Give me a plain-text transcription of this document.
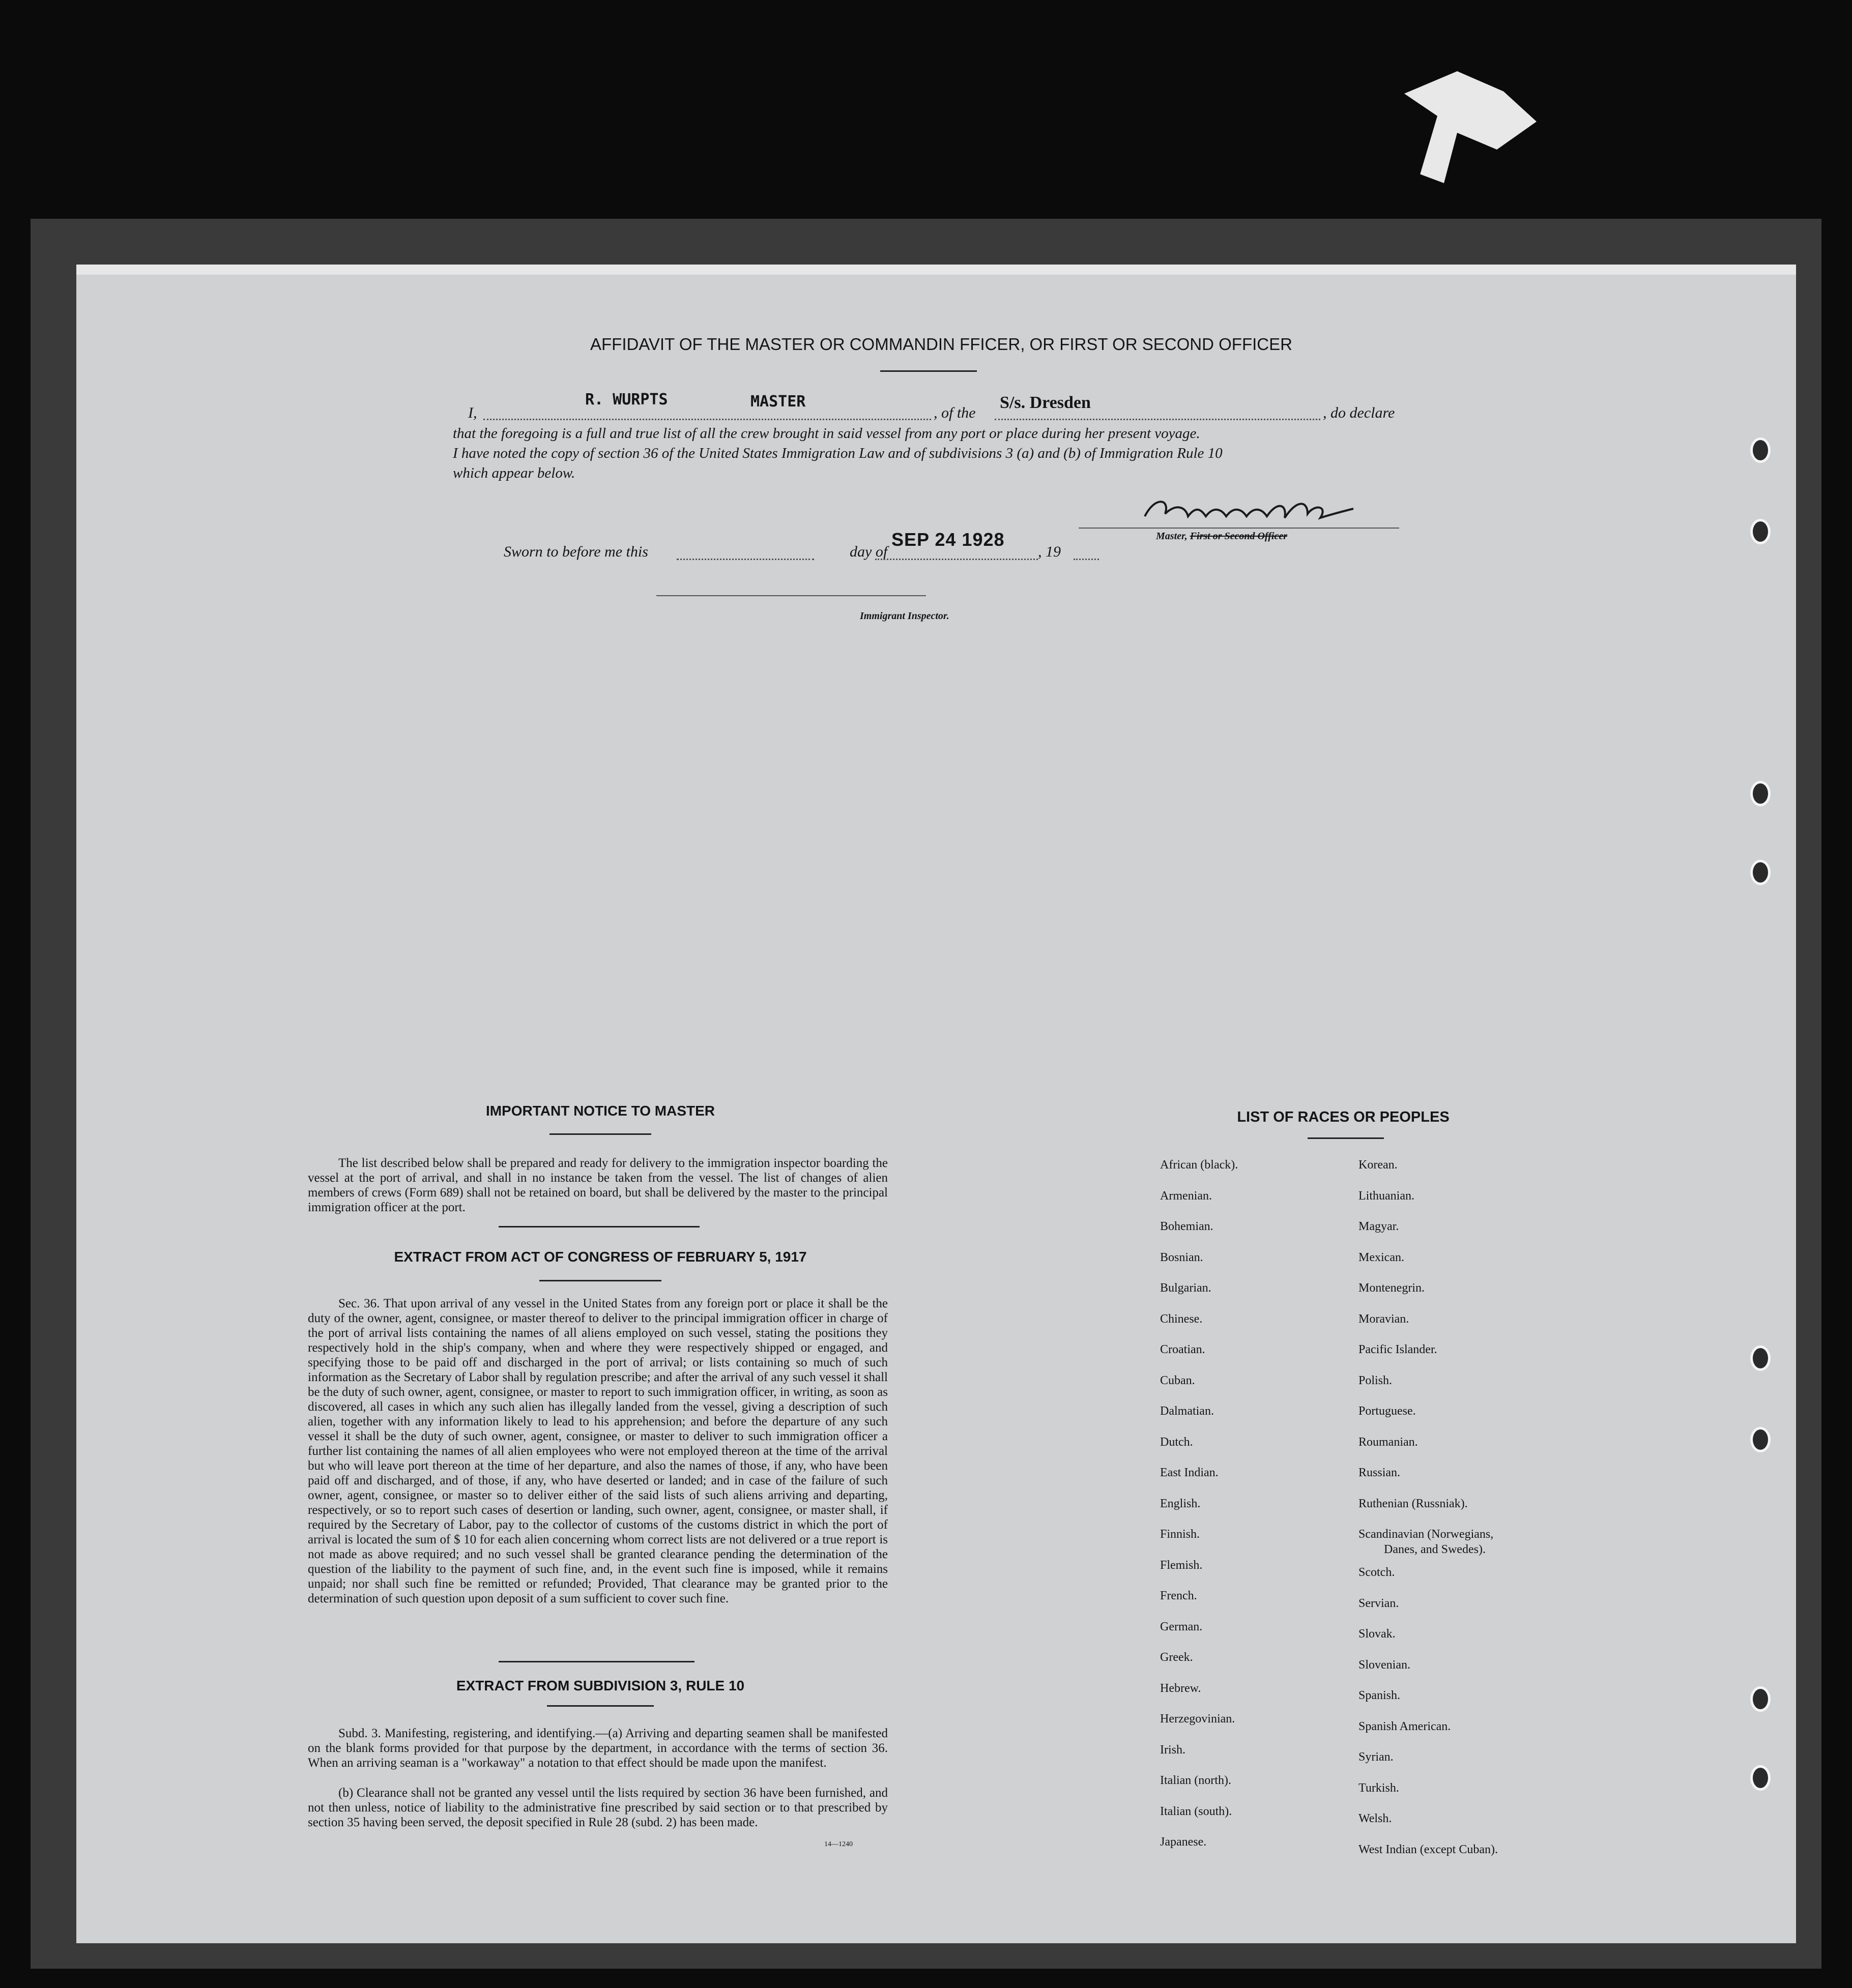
AFFIDAVIT OF THE MASTER OR COMMANDIN FFICER, OR FIRST OR SECOND OFFICER
I,
R. WURPTS	MASTER
, of the
S/s. Dresden
, do declare
that the foregoing is a full and true list of all the crew brought in said vessel from any port or place during her present voyage.
I have noted the copy of section 36 of the United States Immigration Law and of subdivisions 3 (a) and (b) of Immigration Rule 10
which appear below.
Master, First or Second Officer
Sworn to before me this	day of
SEP 24 1928
, 19
Immigrant Inspector.
IMPORTANT NOTICE TO MASTER
The list described below shall be prepared and ready for delivery to the immigration inspector boarding the vessel at the port of arrival, and shall in no instance be taken from the vessel. The list of changes of alien members of crews (Form 689) shall not be retained on board, but shall be delivered by the master to the principal immigration officer at the port.
EXTRACT FROM ACT OF CONGRESS OF FEBRUARY 5, 1917
Sec. 36. That upon arrival of any vessel in the United States from any foreign port or place it shall be the duty of the owner, agent, consignee, or master thereof to deliver to the principal immigration officer in charge of the port of arrival lists containing the names of all aliens employed on such vessel, stating the positions they respectively hold in the ship's company, when and where they were respectively shipped or engaged, and specifying those to be paid off and discharged in the port of arrival; or lists containing so much of such information as the Secretary of Labor shall by regulation prescribe; and after the arrival of any such vessel it shall be the duty of such owner, agent, consignee, or master to report to such immigration officer, in writing, as soon as discovered, all cases in which any such alien has illegally landed from the vessel, giving a description of such alien, together with any information likely to lead to his apprehension; and before the departure of any such vessel it shall be the duty of such owner, agent, consignee, or master to deliver to such immigration officer a further list containing the names of all alien employees who were not employed thereon at the time of the arrival but who will leave port thereon at the time of her departure, and also the names of those, if any, who have been paid off and discharged, and of those, if any, who have deserted or landed; and in case of the failure of such owner, agent, consignee, or master so to deliver either of the said lists of such aliens arriving and departing, respectively, or so to report such cases of desertion or landing, such owner, agent, consignee, or master shall, if required by the Secretary of Labor, pay to the collector of customs of the customs district in which the port of arrival is located the sum of $ 10 for each alien concerning whom correct lists are not delivered or a true report is not made as above required; and no such vessel shall be granted clearance pending the determination of the question of the liability to the payment of such fine, and, in the event such fine is imposed, while it remains unpaid; nor shall such fine be remitted or refunded; Provided, That clearance may be granted prior to the determination of such question upon deposit of a sum sufficient to cover such fine.
EXTRACT FROM SUBDIVISION 3, RULE 10
Subd. 3. Manifesting, registering, and identifying.—(a) Arriving and departing seamen shall be manifested on the blank forms provided for that purpose by the department, in accordance with the terms of section 36. When an arriving seaman is a "workaway" a notation to that effect should be made upon the manifest.
(b) Clearance shall not be granted any vessel until the lists required by section 36 have been furnished, and not then unless, notice of liability to the administrative fine prescribed by said section or to that prescribed by section 35 having been served, the deposit specified in Rule 28 (subd. 2) has been made.
14—1240
LIST OF RACES OR PEOPLES
African (black).
Armenian.
Bohemian.
Bosnian.
Bulgarian.
Chinese.
Croatian.
Cuban.
Dalmatian.
Dutch.
East Indian.
English.
Finnish.
Flemish.
French.
German.
Greek.
Hebrew.
Herzegovinian.
Irish.
Italian (north).
Italian (south).
Japanese.
Korean.
Lithuanian.
Magyar.
Mexican.
Montenegrin.
Moravian.
Pacific Islander.
Polish.
Portuguese.
Roumanian.
Russian.
Ruthenian (Russniak).
Scandinavian (Norwegians,
Danes, and Swedes).
Scotch.
Servian.
Slovak.
Slovenian.
Spanish.
Spanish American.
Syrian.
Turkish.
Welsh.
West Indian (except Cuban).
